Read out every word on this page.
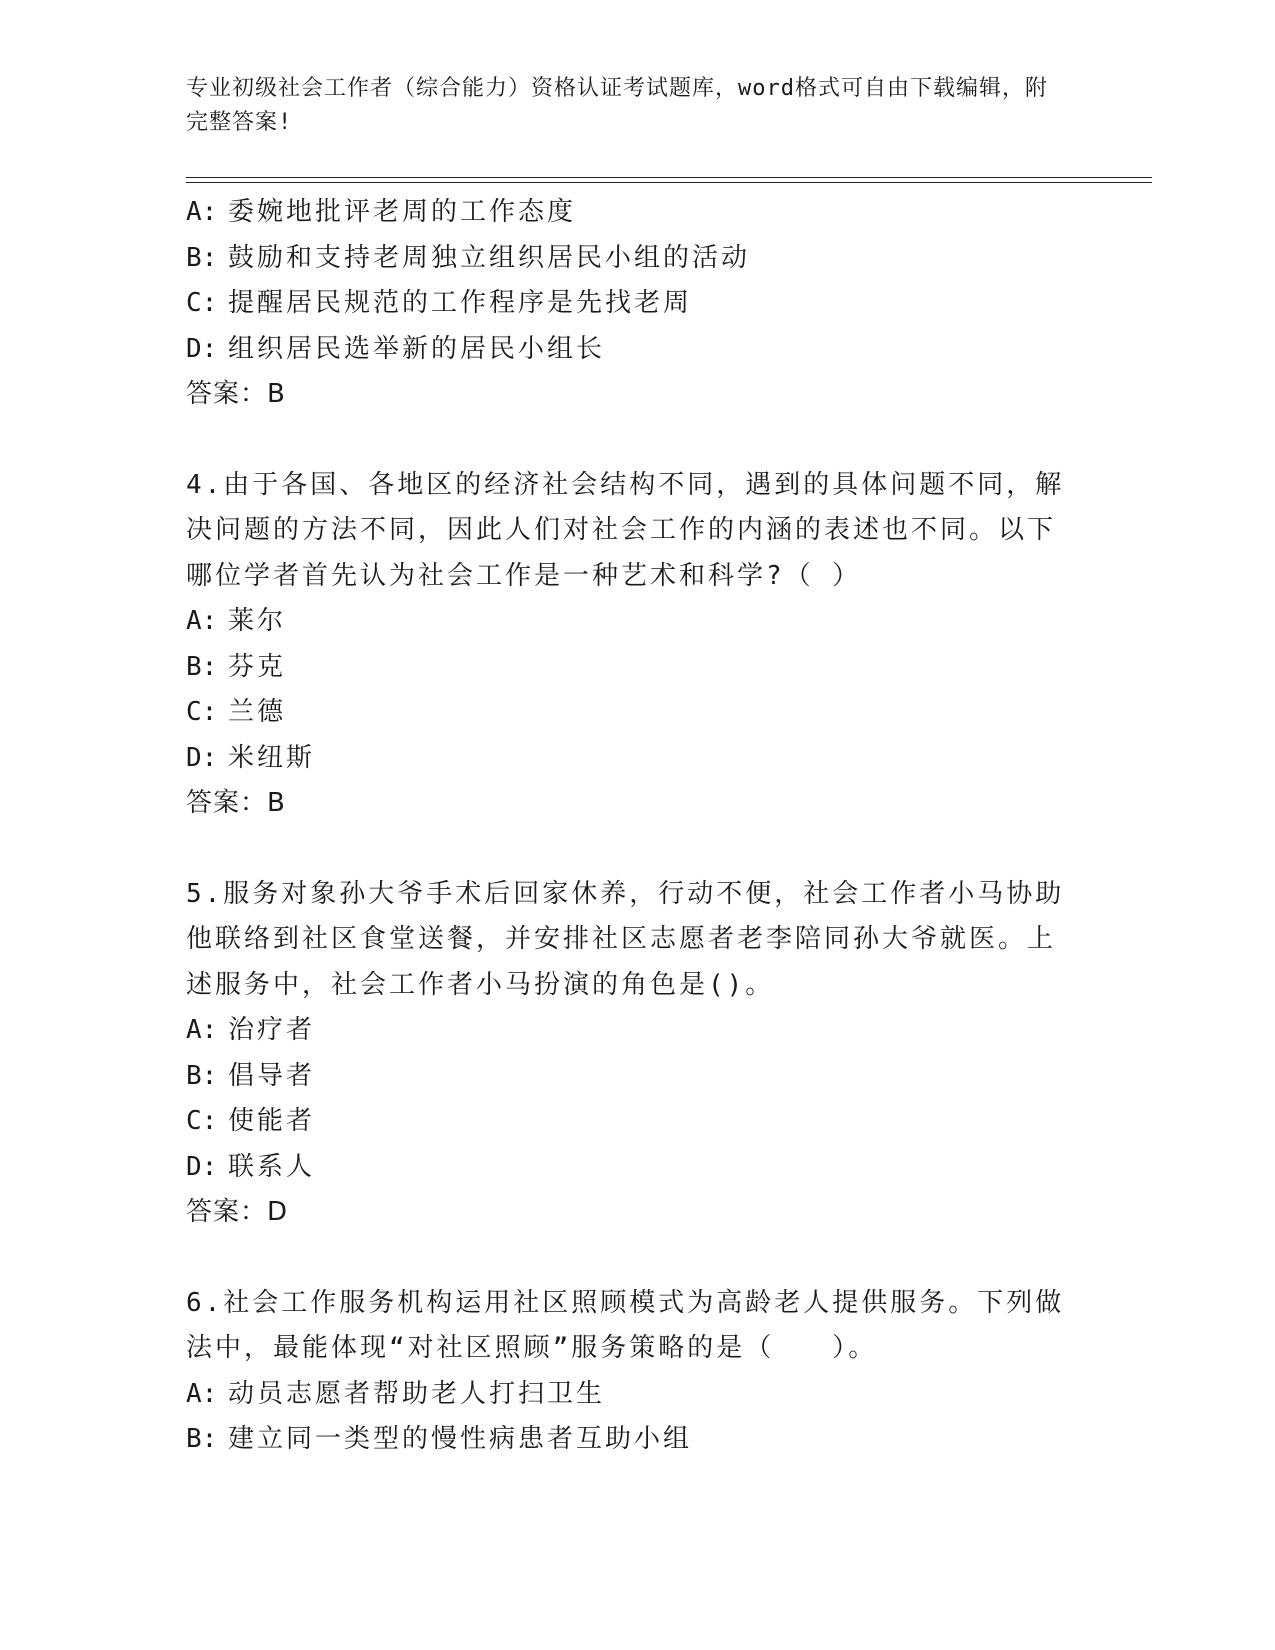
专业初级社会工作者（综合能力）资格认证考试题库，word格式可自由下载编辑，附完整答案!
A: 委婉地批评老周的工作态度
B: 鼓励和支持老周独立组织居民小组的活动
C: 提醒居民规范的工作程序是先找老周
D: 组织居民选举新的居民小组长
答案：B
4.由于各国、各地区的经济社会结构不同，遇到的具体问题不同，解
决问题的方法不同，因此人们对社会工作的内涵的表述也不同。以下
哪位学者首先认为社会工作是一种艺术和科学?（ ）
A: 莱尔
B: 芬克
C: 兰德
D: 米纽斯
答案：B
5.服务对象孙大爷手术后回家休养，行动不便，社会工作者小马协助
他联络到社区食堂送餐，并安排社区志愿者老李陪同孙大爷就医。上
述服务中，社会工作者小马扮演的角色是()。
A: 治疗者
B: 倡导者
C: 使能者
D: 联系人
答案：D
6.社会工作服务机构运用社区照顾模式为高龄老人提供服务。下列做
法中，最能体现“对社区照顾”服务策略的是（　　）。
A: 动员志愿者帮助老人打扫卫生
B: 建立同一类型的慢性病患者互助小组
